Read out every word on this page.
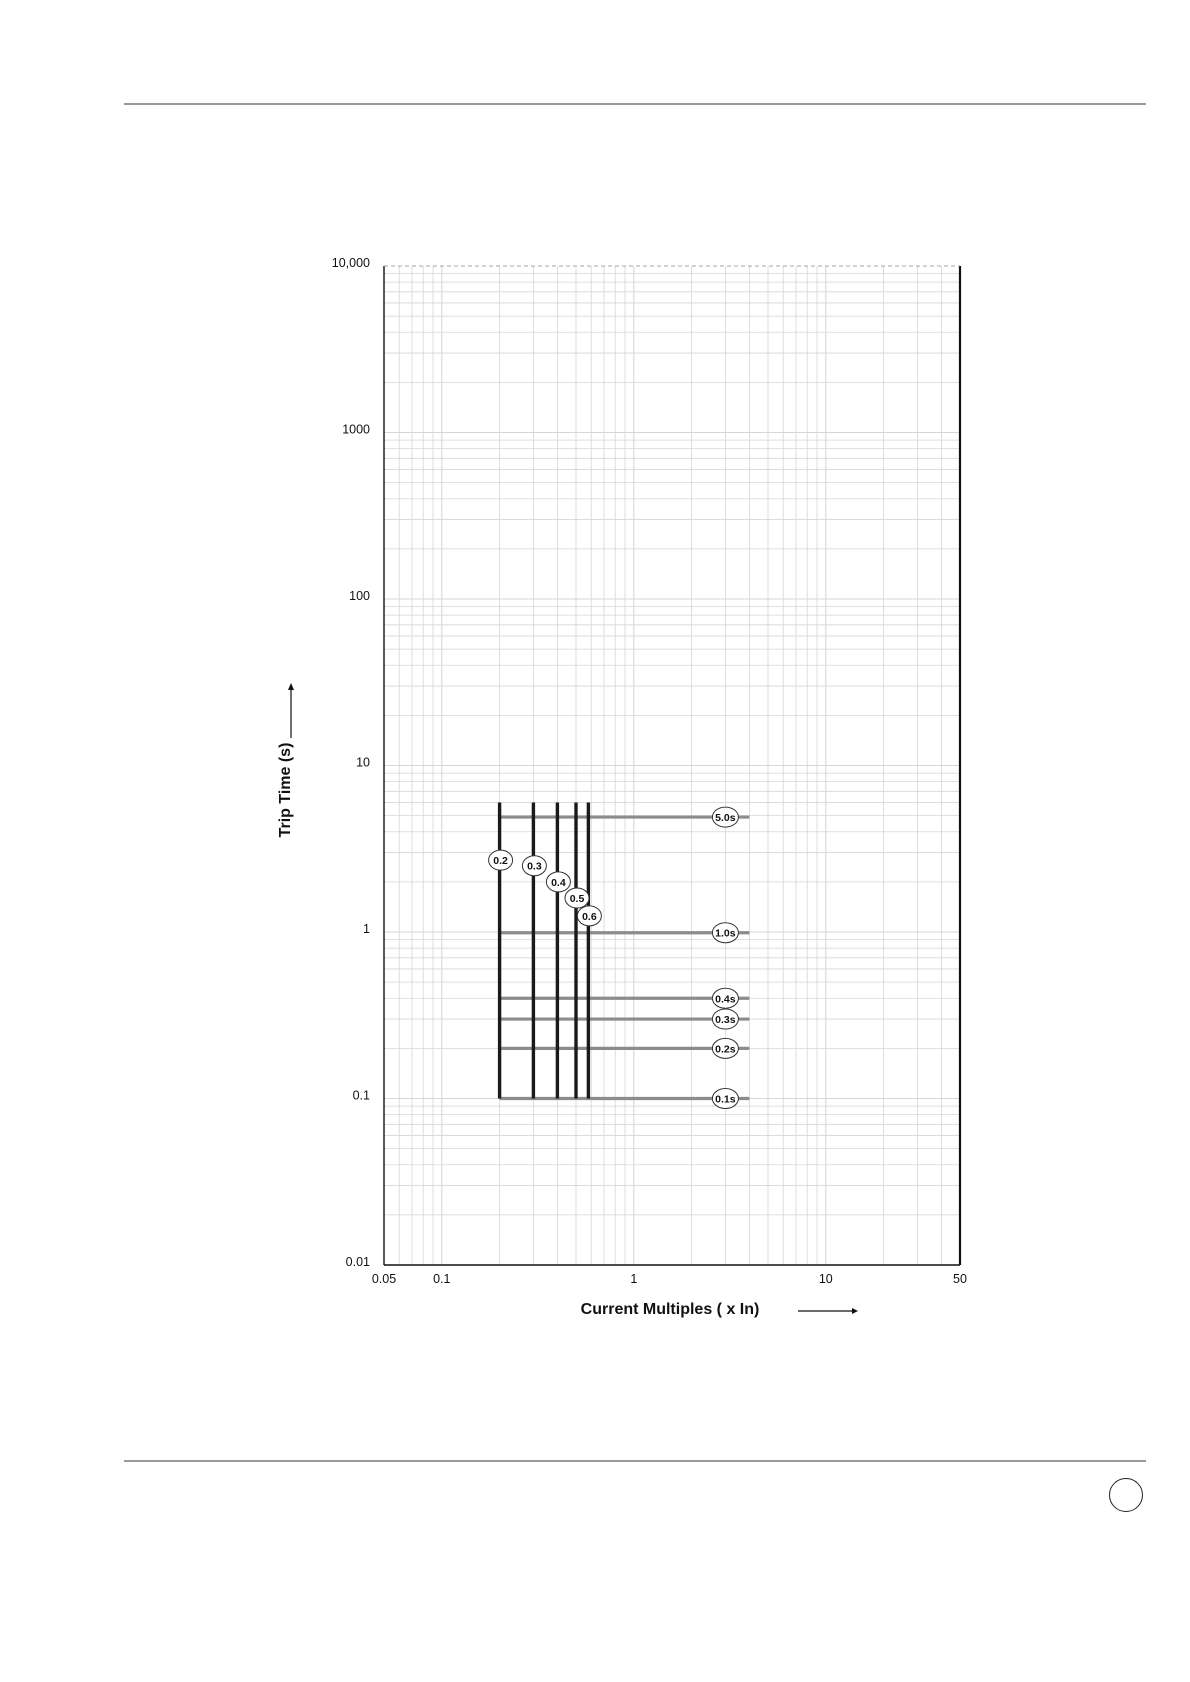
0.05	0.1	1	10	50
10,000
1000
100
10
1
0.1
0.01
0.2 0.3
0.4
0.5
0.6
5.0s
1.0s
0.4s
0.3s
0.2s
0.1s
Current Multiples ( x In)
Trip Time (s)
